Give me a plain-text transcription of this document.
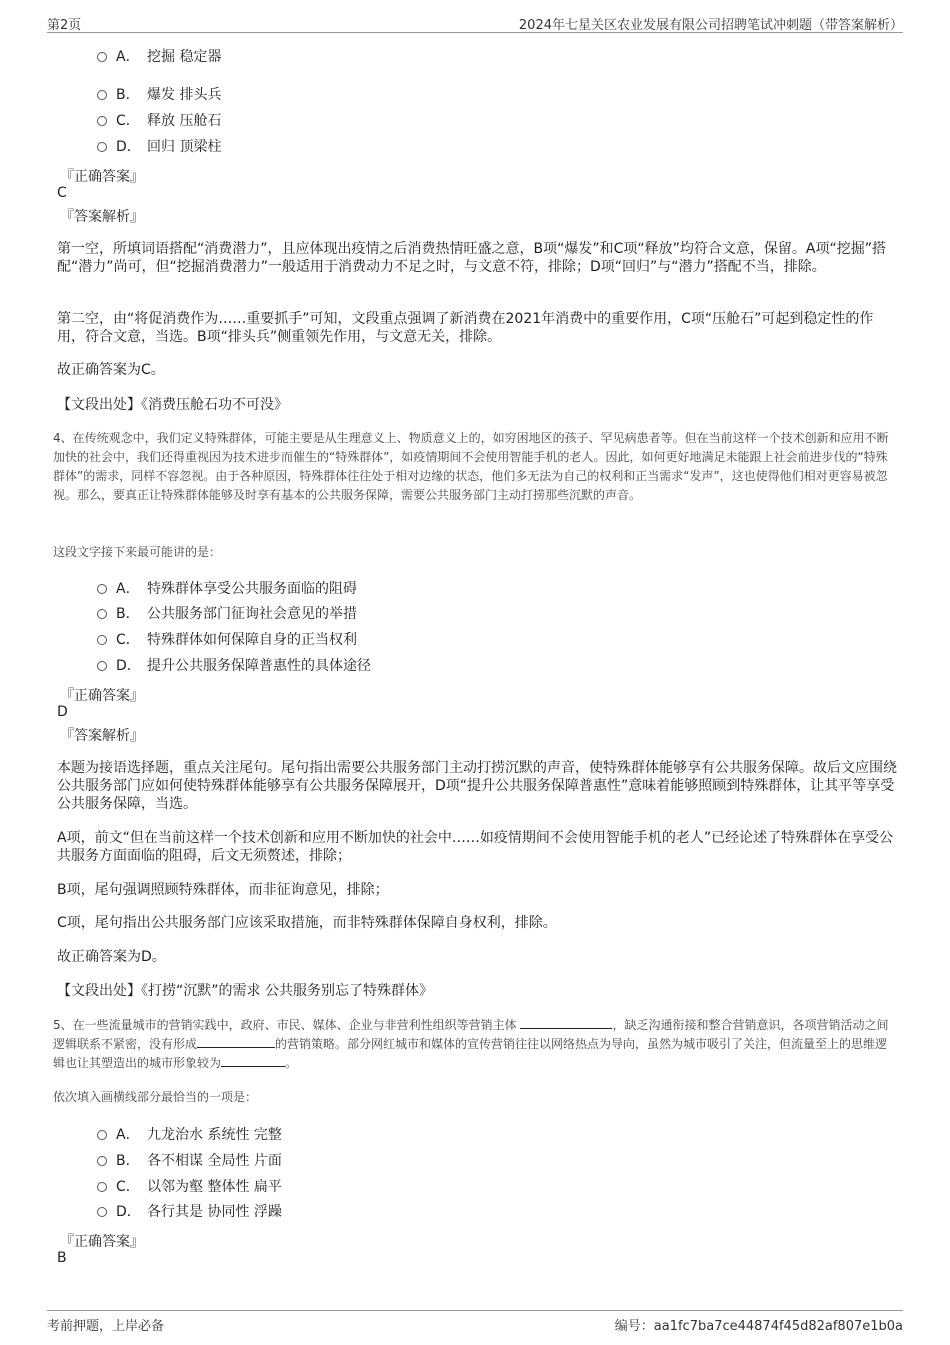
第2页	2024年七星关区农业发展有限公司招聘笔试冲刺题（带答案解析）
A． 挖掘 稳定器
B． 爆发 排头兵
C． 释放 压舱石
D． 回归 顶梁柱
『正确答案』
C
『答案解析』

第一空，所填词语搭配“消费潜力”，且应体现出疫情之后消费热情旺盛之意，B项“爆发”和C项“释放”均符合文意，保留。A项“挖掘”搭配“潜力”尚可，但“挖掘消费潜力”一般适用于消费动力不足之时，与文意不符，排除；D项“回归”与“潜力”搭配不当，排除。

第二空，由“将促消费作为……重要抓手”可知，文段重点强调了新消费在2021年消费中的重要作用，C项“压舱石”可起到稳定性的作用，符合文意，当选。B项“排头兵”侧重领先作用，与文意无关，排除。

故正确答案为C。

【文段出处】《消费压舱石功不可没》

4、在传统观念中，我们定义特殊群体，可能主要是从生理意义上、物质意义上的，如穷困地区的孩子、罕见病患者等。但在当前这样一个技术创新和应用不断加快的社会中，我们还得重视因为技术进步而催生的“特殊群体”，如疫情期间不会使用智能手机的老人。因此，如何更好地满足未能跟上社会前进步伐的“特殊群体”的需求，同样不容忽视。由于各种原因，特殊群体往往处于相对边缘的状态，他们多无法为自己的权利和正当需求“发声”，这也使得他们相对更容易被忽视。那么，要真正让特殊群体能够及时享有基本的公共服务保障，需要公共服务部门主动打捞那些沉默的声音。

这段文字接下来最可能讲的是：

A． 特殊群体享受公共服务面临的阻碍
B． 公共服务部门征询社会意见的举措
C． 特殊群体如何保障自身的正当权利
D． 提升公共服务保障普惠性的具体途径
『正确答案』
D
『答案解析』

本题为接语选择题，重点关注尾句。尾句指出需要公共服务部门主动打捞沉默的声音，使特殊群体能够享有公共服务保障。故后文应围绕公共服务部门应如何使特殊群体能够享有公共服务保障展开，D项“提升公共服务保障普惠性”意味着能够照顾到特殊群体，让其平等享受公共服务保障，当选。

A项，前文“但在当前这样一个技术创新和应用不断加快的社会中……如疫情期间不会使用智能手机的老人”已经论述了特殊群体在享受公共服务方面面临的阻碍，后文无须赘述，排除；

B项，尾句强调照顾特殊群体，而非征询意见，排除；

C项，尾句指出公共服务部门应该采取措施，而非特殊群体保障自身权利，排除。

故正确答案为D。

【文段出处】《打捞“沉默”的需求 公共服务别忘了特殊群体》

5、在一些流量城市的营销实践中，政府、市民、媒体、企业与非营利性组织等营销主体	，缺乏沟通衔接和整合营销意识，各项营销活动之间逻辑联系不紧密，没有形成	的营销策略。部分网红城市和媒体的宣传营销往往以网络热点为导向，虽然为城市吸引了关注，但流量至上的思维逻辑也让其塑造出的城市形象较为	。

依次填入画横线部分最恰当的一项是：

A． 九龙治水 系统性 完整
B． 各不相谋 全局性 片面
C． 以邻为壑 整体性 扁平
D． 各行其是 协同性 浮躁
『正确答案』
B
考前押题，上岸必备	编号：aa1fc7ba7ce44874f45d82af807e1b0a
